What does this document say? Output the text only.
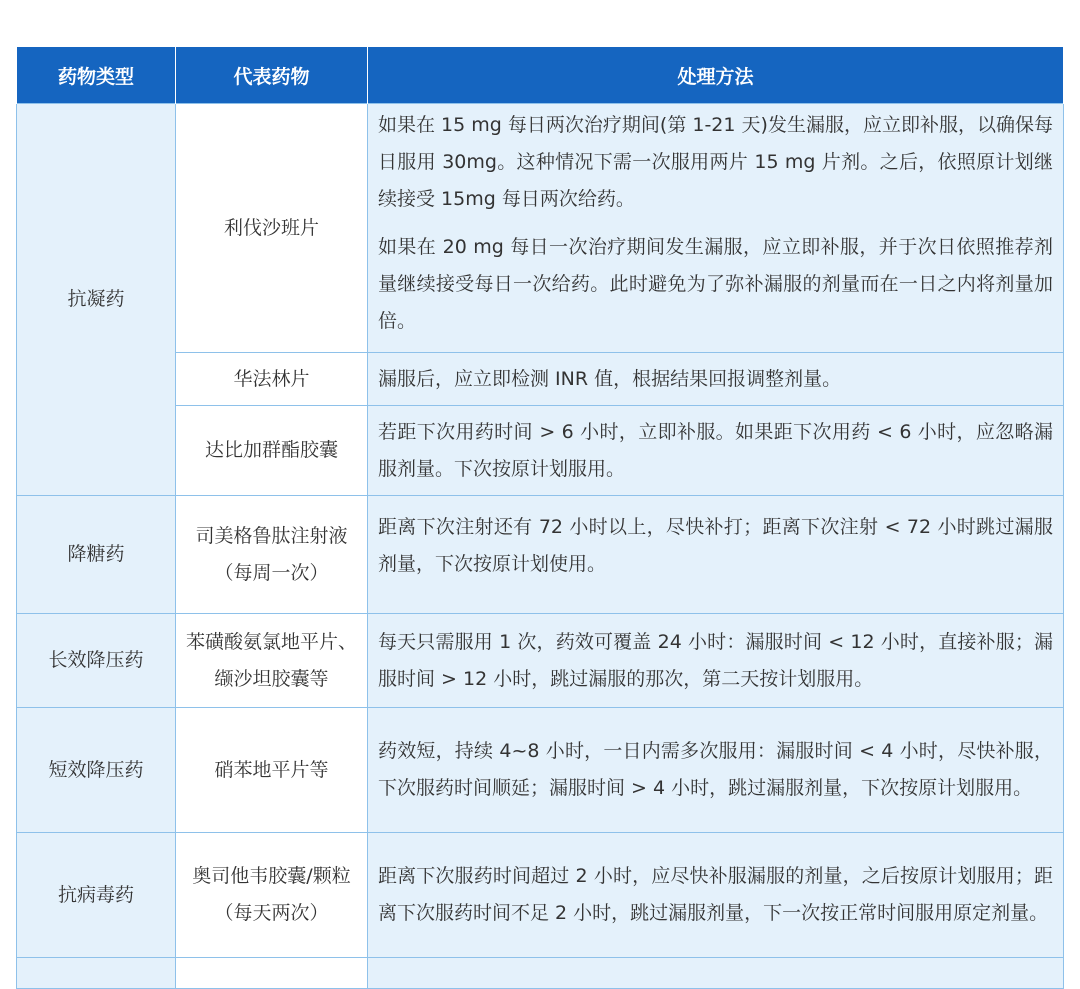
药物类型	代表药物	处理方法
抗凝药	利伐沙班片	如果在 15 mg 每日两次治疗期间(第 1-21 天)发生漏服，应立即补服，以确保每日服用 30mg。这种情况下需一次服用两片 15 mg 片剂。之后，依照原计划继续接受 15mg 每日两次给药。

如果在 20 mg 每日一次治疗期间发生漏服，应立即补服，并于次日依照推荐剂量继续接受每日一次给药。此时避免为了弥补漏服的剂量而在一日之内将剂量加倍。

	华法林片	漏服后，应立即检测 INR 值，根据结果回报调整剂量。

	达比加群酯胶囊	若距下次用药时间 > 6 小时，立即补服。如果距下次用药 < 6 小时，应忽略漏服剂量。下次按原计划服用。

降糖药	司美格鲁肽注射液（每周一次）	距离下次注射还有 72 小时以上，尽快补打；距离下次注射 < 72 小时跳过漏服剂量，下次按原计划使用。

长效降压药	苯磺酸氨氯地平片、缬沙坦胶囊等	每天只需服用 1 次，药效可覆盖 24 小时：漏服时间 < 12 小时，直接补服；漏服时间 > 12 小时，跳过漏服的那次，第二天按计划服用。

短效降压药	硝苯地平片等	药效短，持续 4~8 小时，一日内需多次服用：漏服时间 < 4 小时，尽快补服，下次服药时间顺延；漏服时间 > 4 小时，跳过漏服剂量，下次按原计划服用。

抗病毒药	奥司他韦胶囊/颗粒（每天两次）	距离下次服药时间超过 2 小时，应尽快补服漏服的剂量，之后按原计划服用；距离下次服药时间不足 2 小时，跳过漏服剂量，下一次按正常时间服用原定剂量。
